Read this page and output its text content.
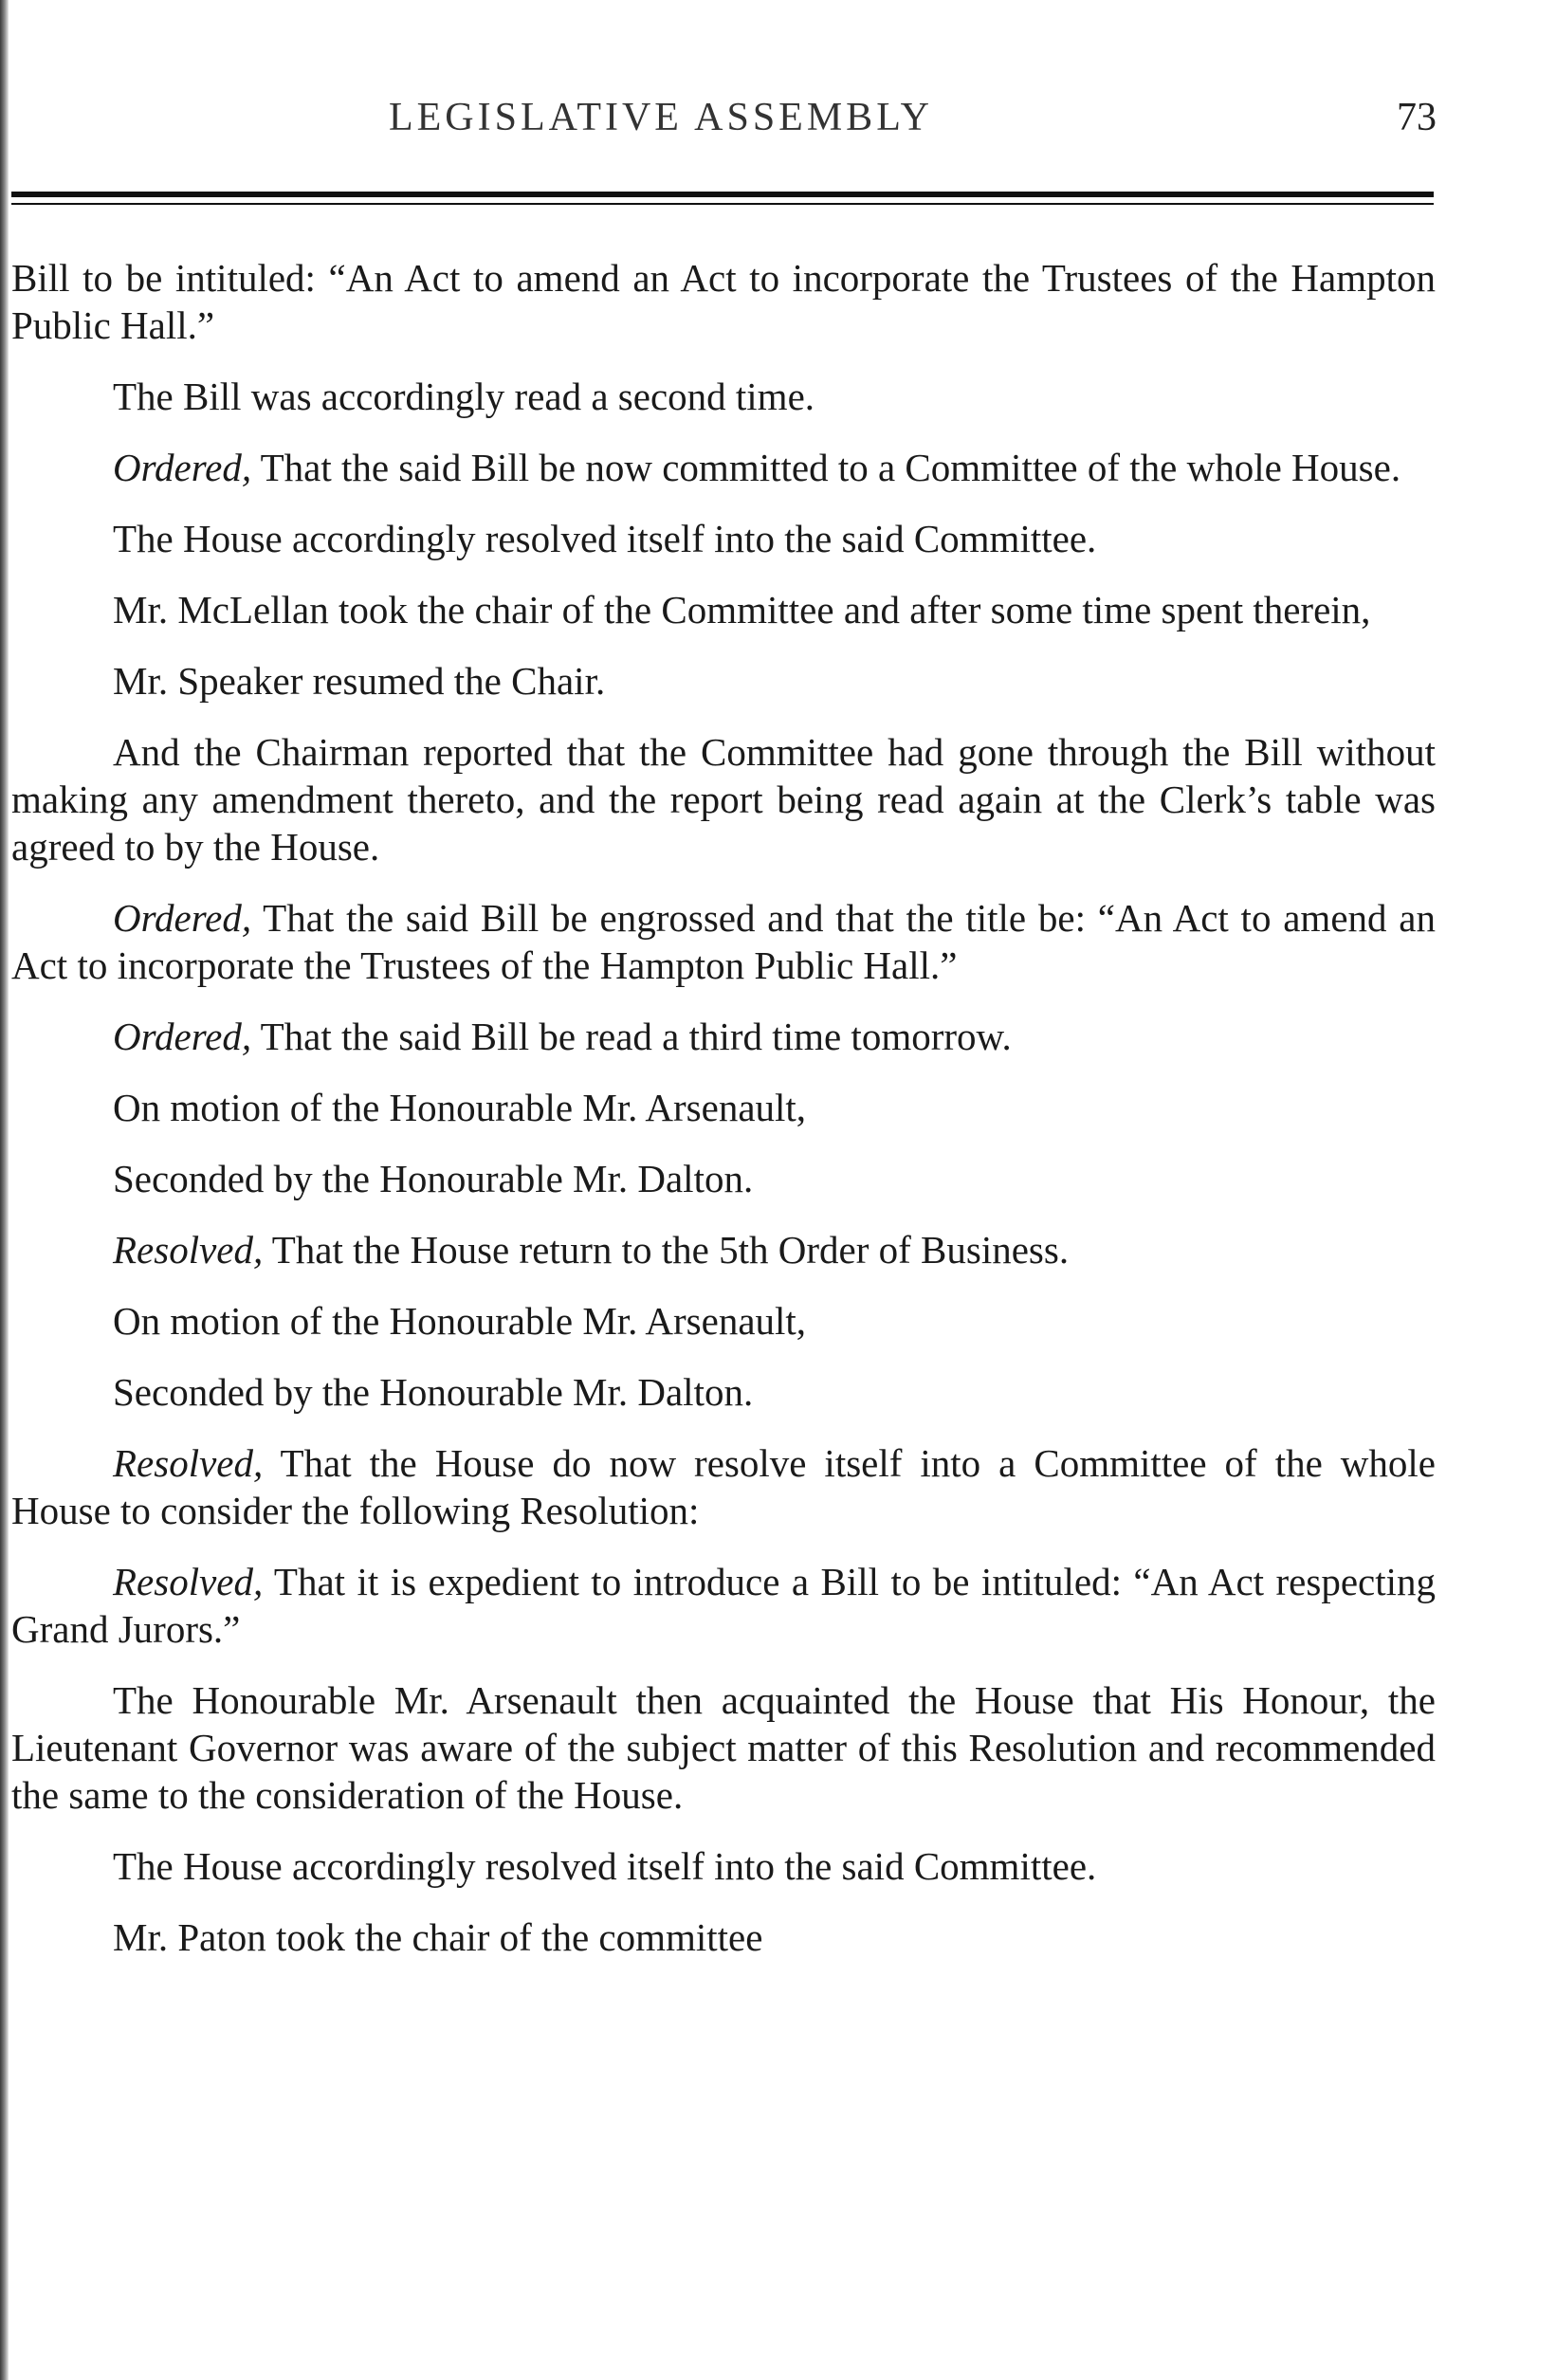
LEGISLATIVE ASSEMBLY	73

Bill to be intituled: “An Act to amend an Act to incorporate the Trustees of the Hampton Public Hall.”

The Bill was accordingly read a second time.

Ordered, That the said Bill be now committed to a Committee of the whole House.

The House accordingly resolved itself into the said Committee.

Mr. McLellan took the chair of the Committee and after some time spent therein,

Mr. Speaker resumed the Chair.

And the Chairman reported that the Committee had gone through the Bill without making any amendment thereto, and the report being read again at the Clerk’s table was agreed to by the House.

Ordered, That the said Bill be engrossed and that the title be: “An Act to amend an Act to incorporate the Trustees of the Hampton Public Hall.”

Ordered, That the said Bill be read a third time tomorrow.

On motion of the Honourable Mr. Arsenault,

Seconded by the Honourable Mr. Dalton.

Resolved, That the House return to the 5th Order of Business.

On motion of the Honourable Mr. Arsenault,

Seconded by the Honourable Mr. Dalton.

Resolved, That the House do now resolve itself into a Committee of the whole House to consider the following Resolution:

Resolved, That it is expedient to introduce a Bill to be intituled: “An Act respecting Grand Jurors.”

The Honourable Mr. Arsenault then acquainted the House that His Honour, the Lieutenant Governor was aware of the subject matter of this Resolution and recommended the same to the consideration of the House.

The House accordingly resolved itself into the said Committee.

Mr. Paton took the chair of the committee
